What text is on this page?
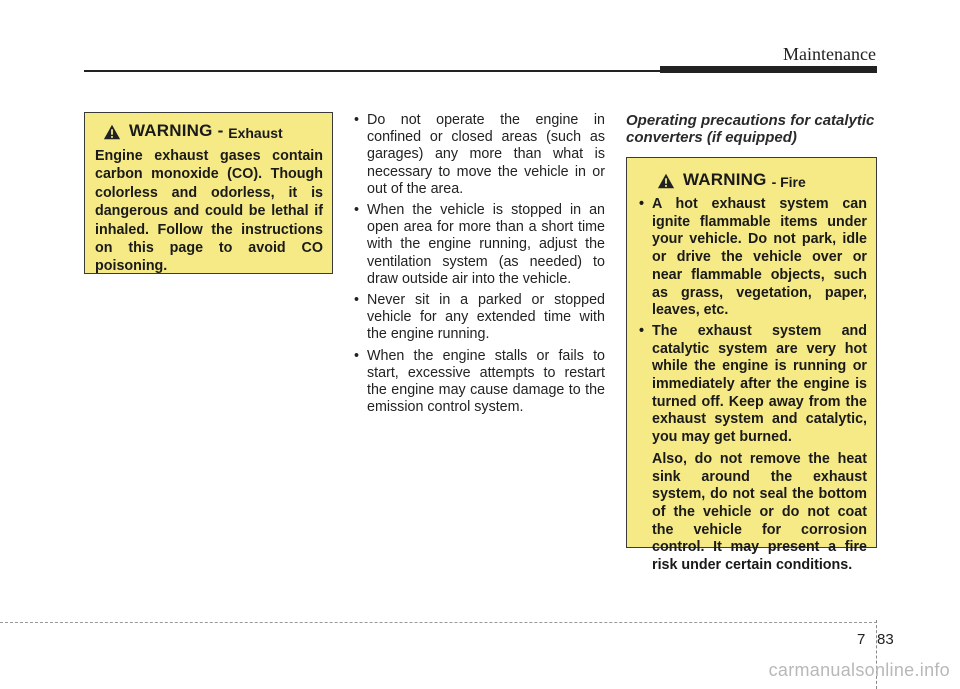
Maintenance
WARNING - Exhaust
Engine exhaust gases contain carbon monoxide (CO). Though colorless and odorless, it is dangerous and could be lethal if inhaled. Follow the instructions on this page to avoid CO poisoning.
• Do not operate the engine in confined or closed areas (such as garages) any more than what is necessary to move the vehicle in or out of the area.
• When the vehicle is stopped in an open area for more than a short time with the engine running, adjust the ventilation system (as needed) to draw outside air into the vehicle.
• Never sit in a parked or stopped vehicle for any extended time with the engine running.
• When the engine stalls or fails to start, excessive attempts to restart the engine may cause damage to the emission control system.
Operating precautions for catalytic converters (if equipped)
WARNING - Fire
• A hot exhaust system can ignite flammable items under your vehicle. Do not park, idle or drive the vehicle over or near flammable objects, such as grass, vegetation, paper, leaves, etc.
• The exhaust system and catalytic system are very hot while the engine is running or immediately after the engine is turned off. Keep away from the exhaust system and catalytic, you may get burned.
Also, do not remove the heat sink around the exhaust system, do not seal the bottom of the vehicle or do not coat the vehicle for corrosion control. It may present a fire risk under certain conditions.
7 83
carmanualsonline.info
